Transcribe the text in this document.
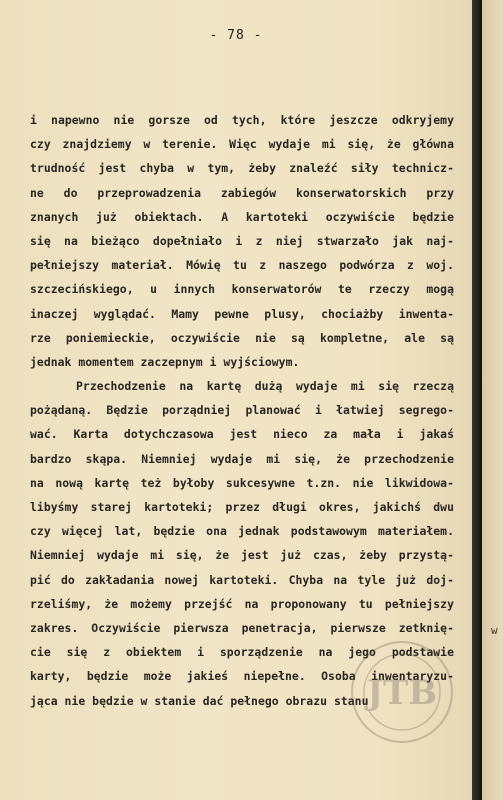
- 78 -
i napewno nie gorsze od tych, które jeszcze odkryjemy
czy znajdziemy w terenie. Więc wydaje mi się, że główna
trudność jest chyba w tym, żeby znaleźć siły technicz-
ne do przeprowadzenia zabiegów konserwatorskich przy
znanych już obiektach. A kartoteki oczywiście będzie
się na bieżąco dopełniało i z niej stwarzało jak naj-
pełniejszy materiał. Mówię tu z naszego podwórza z woj.
szczecińskiego, u innych konserwatorów te rzeczy mogą
inaczej wyglądać. Mamy pewne plusy, chociażby inwenta-
rze poniemieckie, oczywiście nie są kompletne, ale są
jednak momentem zaczepnym i wyjściowym.
Przechodzenie na kartę dużą wydaje mi się rzeczą
pożądaną. Będzie porządniej planować i łatwiej segrego-
wać. Karta dotychczasowa jest nieco za mała i jakaś
bardzo skąpa. Niemniej wydaje mi się, że przechodzenie
na nową kartę też byłoby sukcesywne t.zn. nie likwidowa-
libyśmy starej kartoteki; przez długi okres, jakichś dwu
czy więcej lat, będzie ona jednak podstawowym materiałem.
Niemniej wydaje mi się, że jest już czas, żeby przystą-
pić do zakładania nowej kartoteki. Chyba na tyle już doj-
rzeliśmy, że możemy przejść na proponowany tu pełniejszy
zakres. Oczywiście pierwsza penetracja, pierwsze zetknię-
cie się z obiektem i sporządzenie na jego podstawie
karty, będzie może jakieś niepełne. Osoba inwentaryzu-
jąca nie będzie w stanie dać pełnego obrazu stanu
JTB
w
